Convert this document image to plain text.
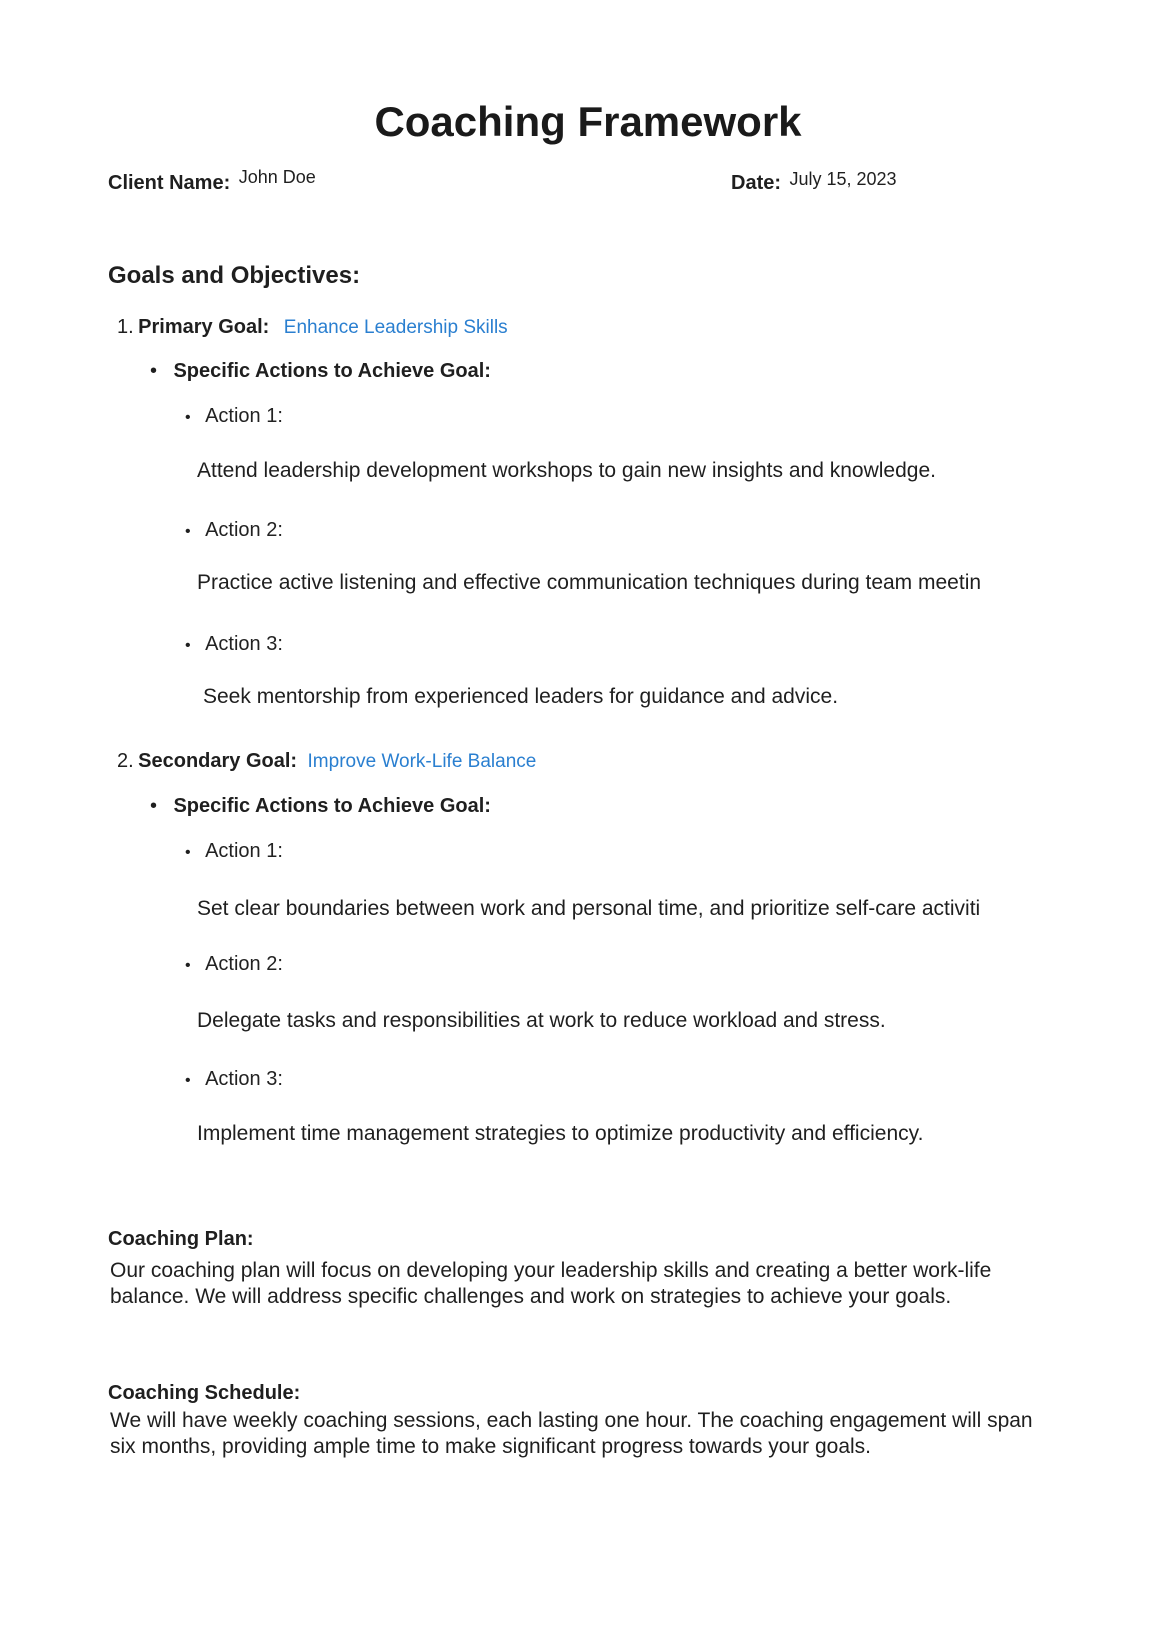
Coaching Framework
Client Name: John Doe	Date: July 15, 2023
Goals and Objectives:
1. Primary Goal: Enhance Leadership Skills
• Specific Actions to Achieve Goal:
• Action 1:
Attend leadership development workshops to gain new insights and knowledge.
• Action 2:
Practice active listening and effective communication techniques during team meetin
• Action 3:
Seek mentorship from experienced leaders for guidance and advice.
2. Secondary Goal: Improve Work-Life Balance
• Specific Actions to Achieve Goal:
• Action 1:
Set clear boundaries between work and personal time, and prioritize self-care activiti
• Action 2:
Delegate tasks and responsibilities at work to reduce workload and stress.
• Action 3:
Implement time management strategies to optimize productivity and efficiency.
Coaching Plan:
Our coaching plan will focus on developing your leadership skills and creating a better work-life balance. We will address specific challenges and work on strategies to achieve your goals.
Coaching Schedule:
We will have weekly coaching sessions, each lasting one hour. The coaching engagement will span six months, providing ample time to make significant progress towards your goals.
